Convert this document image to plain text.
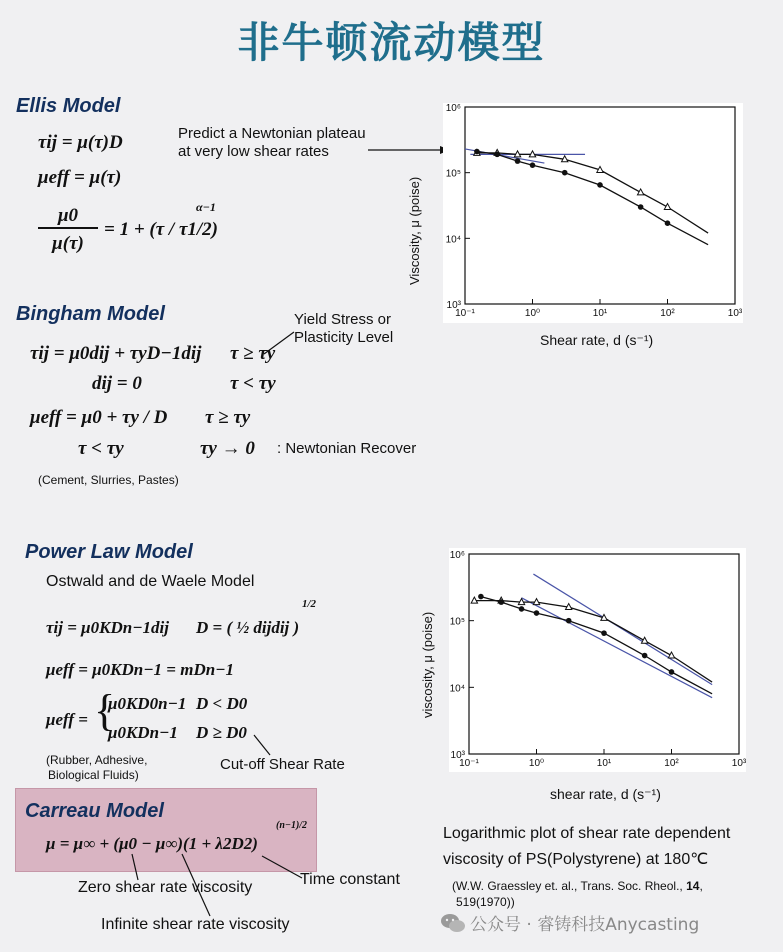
非牛顿流动模型
Ellis Model
τij = μ(τ)D
μeff = μ(τ)
μ0
μ(τ)
= 1 + (τ / τ1/2)
α−1
Predict a Newtonian plateau
at very low shear rates
10⁻¹	10⁰	10¹	10²	10³
10³
10⁴
10⁵
10⁶
Viscosity, μ (poise)
Shear rate, d (s⁻¹)
Bingham Model	Yield Stress or
Plasticity Level
τij = μ0dij + τyD−1dij τ ≥ τy
dij = 0	τ < τy
μeff = μ0 + τy / D τ ≥ τy
τ < τy	τy → 0 : Newtonian Recover
(Cement, Slurries, Pastes)
Power Law Model
Ostwald and de Waele Model
τij = μ0KDn−1dij D = ( ½ dijdij )
1/2
μeff = μ0KDn−1 = mDn−1
μeff = {
μ0KD0n−1 D < D0
μ0KDn−1 D ≥ D0
(Rubber, Adhesive,
Biological Fluids)
Cut-off Shear Rate	10⁻¹	10⁰	10¹	10²	10³
10³
10⁴
10⁵
10⁶
viscosity, μ (poise)
shear rate, d (s⁻¹)
Carreau Model
μ = μ∞ + (μ0 − μ∞)(1 + λ2D2)
(n−1)/2
Zero shear rate viscosity
Infinite shear rate viscosity
Time constant
Logarithmic plot of shear rate dependent
viscosity of PS(Polystyrene) at 180℃
(W.W. Graessley et. al., Trans. Soc. Rheol., 14,
519(1970))
公众号 · 睿铸科技Anycasting
